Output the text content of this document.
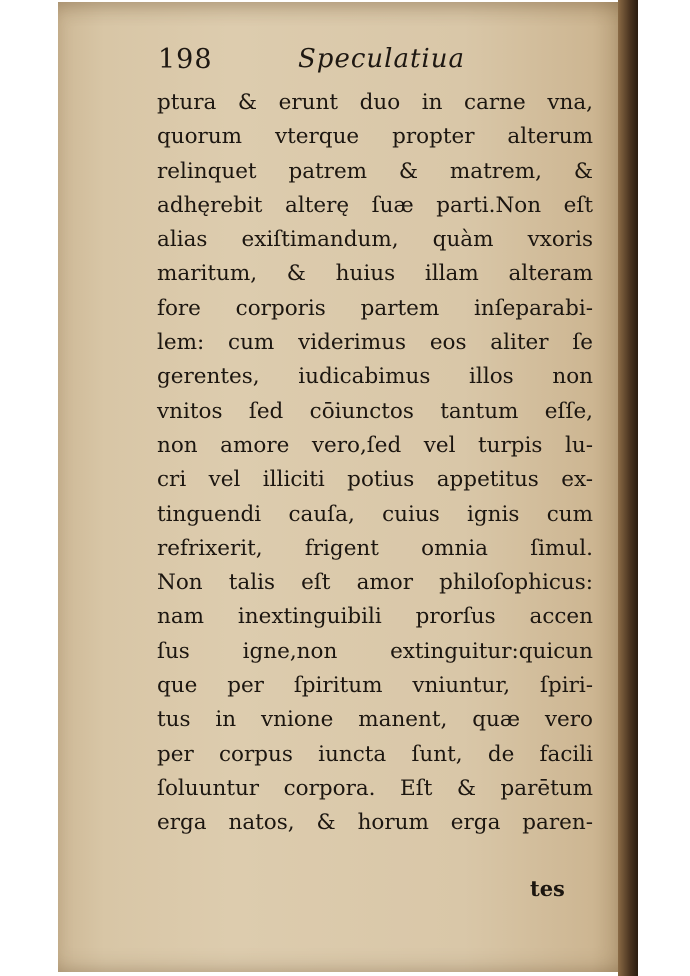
198	Speculatiua
ptura & erunt duo in carne vna,
quorum vterque propter alterum
relinquet patrem & matrem, &
adhęrebit alterę ſuæ parti.Non eſt
alias exiſtimandum, quàm vxoris
maritum, & huius illam alteram
fore corporis partem inſeparabi-
lem: cum viderimus eos aliter ſe
gerentes, iudicabimus illos non
vnitos ſed cōiunctos tantum eſſe,
non amore vero,ſed vel turpis lu-
cri vel illiciti potius appetitus ex-
tinguendi cauſa, cuius ignis cum
refrixerit, frigent omnia ſimul.
Non talis eſt amor philoſophicus:
nam inextinguibili prorſus accen
ſus igne,non extinguitur:quicun
que per ſpiritum vniuntur, ſpiri-
tus in vnione manent, quæ vero
per corpus iuncta ſunt, de facili
ſoluuntur corpora. Eſt & parētum
erga natos, & horum erga paren-
tes
